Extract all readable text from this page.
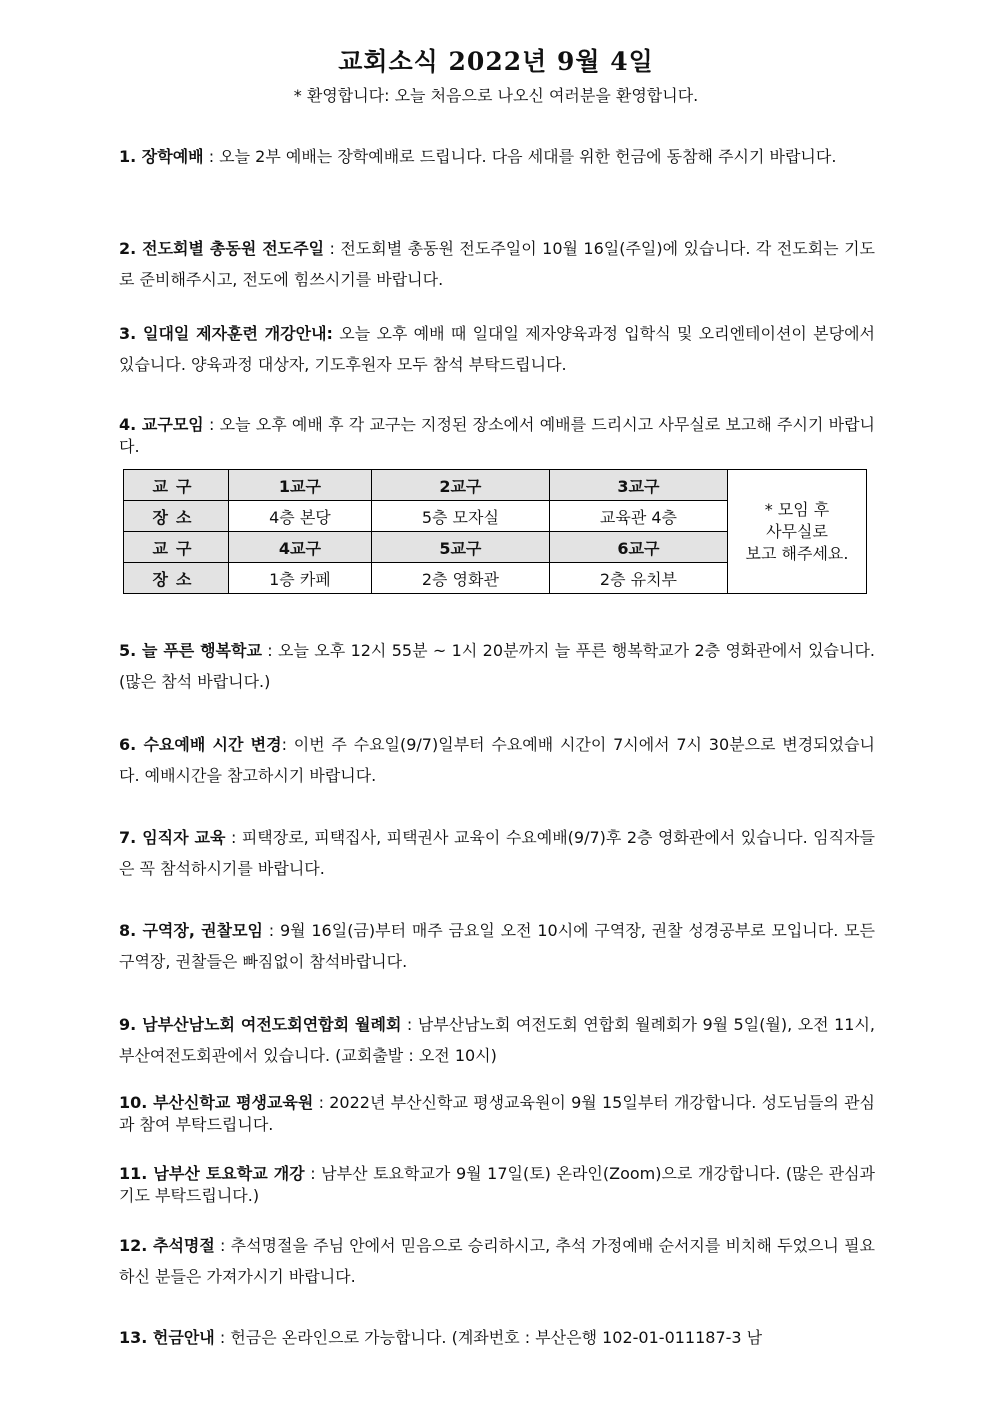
교회소식 2022년 9월 4일
* 환영합니다: 오늘 처음으로 나오신 여러분을 환영합니다.

1. 장학예배 : 오늘 2부 예배는 장학예배로 드립니다. 다음 세대를 위한 헌금에 동참해 주시기 바랍니다.

2. 전도회별 총동원 전도주일 : 전도회별 총동원 전도주일이 10월 16일(주일)에 있습니다. 각 전도회는 기도로 준비해주시고, 전도에 힘쓰시기를 바랍니다.

3. 일대일 제자훈련 개강안내: 오늘 오후 예배 때 일대일 제자양육과정 입학식 및 오리엔테이션이 본당에서 있습니다. 양육과정 대상자, 기도후원자 모두 참석 부탁드립니다.

4. 교구모임 : 오늘 오후 예배 후 각 교구는 지정된 장소에서 예배를 드리시고 사무실로 보고해 주시기 바랍니다.

교구	1교구	2교구	3교구	* 모임 후
사무실로
보고 해주세요.
장소	4층 본당	5층 모자실	교육관 4층	
교구	4교구	5교구	6교구	
장소	1층 카페	2층 영화관	2층 유치부	

5. 늘 푸른 행복학교 : 오늘 오후 12시 55분 ~ 1시 20분까지 늘 푸른 행복학교가 2층 영화관에서 있습니다. (많은 참석 바랍니다.)

6. 수요예배 시간 변경: 이번 주 수요일(9/7)일부터 수요예배 시간이 7시에서 7시 30분으로 변경되었습니다. 예배시간을 참고하시기 바랍니다.

7. 임직자 교육 : 피택장로, 피택집사, 피택권사 교육이 수요예배(9/7)후 2층 영화관에서 있습니다. 임직자들은 꼭 참석하시기를 바랍니다.

8. 구역장, 권찰모임 : 9월 16일(금)부터 매주 금요일 오전 10시에 구역장, 권찰 성경공부로 모입니다. 모든 구역장, 권찰들은 빠짐없이 참석바랍니다.

9. 남부산남노회 여전도회연합회 월례회 : 남부산남노회 여전도회 연합회 월례회가 9월 5일(월), 오전 11시, 부산여전도회관에서 있습니다. (교회출발 : 오전 10시)

10. 부산신학교 평생교육원 : 2022년 부산신학교 평생교육원이 9월 15일부터 개강합니다. 성도님들의 관심과 참여 부탁드립니다.

11. 남부산 토요학교 개강 : 남부산 토요학교가 9월 17일(토) 온라인(Zoom)으로 개강합니다. (많은 관심과 기도 부탁드립니다.)

12. 추석명절 : 추석명절을 주님 안에서 믿음으로 승리하시고, 추석 가정예배 순서지를 비치해 두었으니 필요하신 분들은 가져가시기 바랍니다.

13. 헌금안내 : 헌금은 온라인으로 가능합니다. (계좌번호 : 부산은행 102-01-011187-3 남
